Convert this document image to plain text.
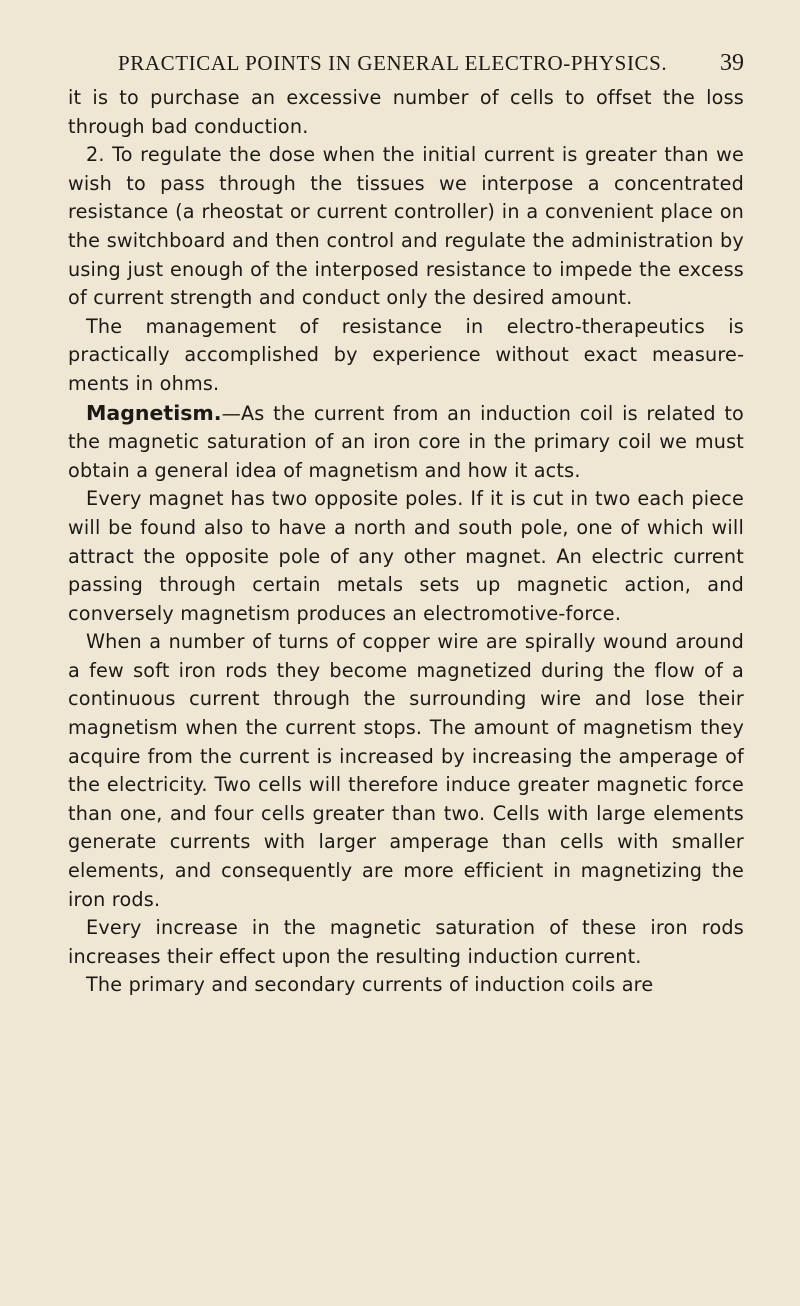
PRACTICAL POINTS IN GENERAL ELECTRO-PHYSICS. 39

it is to purchase an excessive number of cells to offset the loss through bad conduction.

2. To regulate the dose when the initial current is greater than we wish to pass through the tissues we interpose a concentrated resistance (a rheostat or current controller) in a convenient place on the switchboard and then control and regulate the administration by using just enough of the interposed resistance to impede the excess of current strength and conduct only the desired amount.

The management of resistance in electro-therapeutics is practically accomplished by experience without exact measurements in ohms.

Magnetism.—As the current from an induction coil is related to the magnetic saturation of an iron core in the primary coil we must obtain a general idea of magnetism and how it acts.

Every magnet has two opposite poles. If it is cut in two each piece will be found also to have a north and south pole, one of which will attract the opposite pole of any other magnet. An electric current passing through certain metals sets up magnetic action, and conversely magnetism produces an electromotive-force.

When a number of turns of copper wire are spirally wound around a few soft iron rods they become magnetized during the flow of a continuous current through the surrounding wire and lose their magnetism when the current stops. The amount of magnetism they acquire from the current is increased by increasing the amperage of the electricity. Two cells will therefore induce greater magnetic force than one, and four cells greater than two. Cells with large elements generate currents with larger amperage than cells with smaller elements, and consequently are more efficient in magnetizing the iron rods.

Every increase in the magnetic saturation of these iron rods increases their effect upon the resulting induction current.

The primary and secondary currents of induction coils are
